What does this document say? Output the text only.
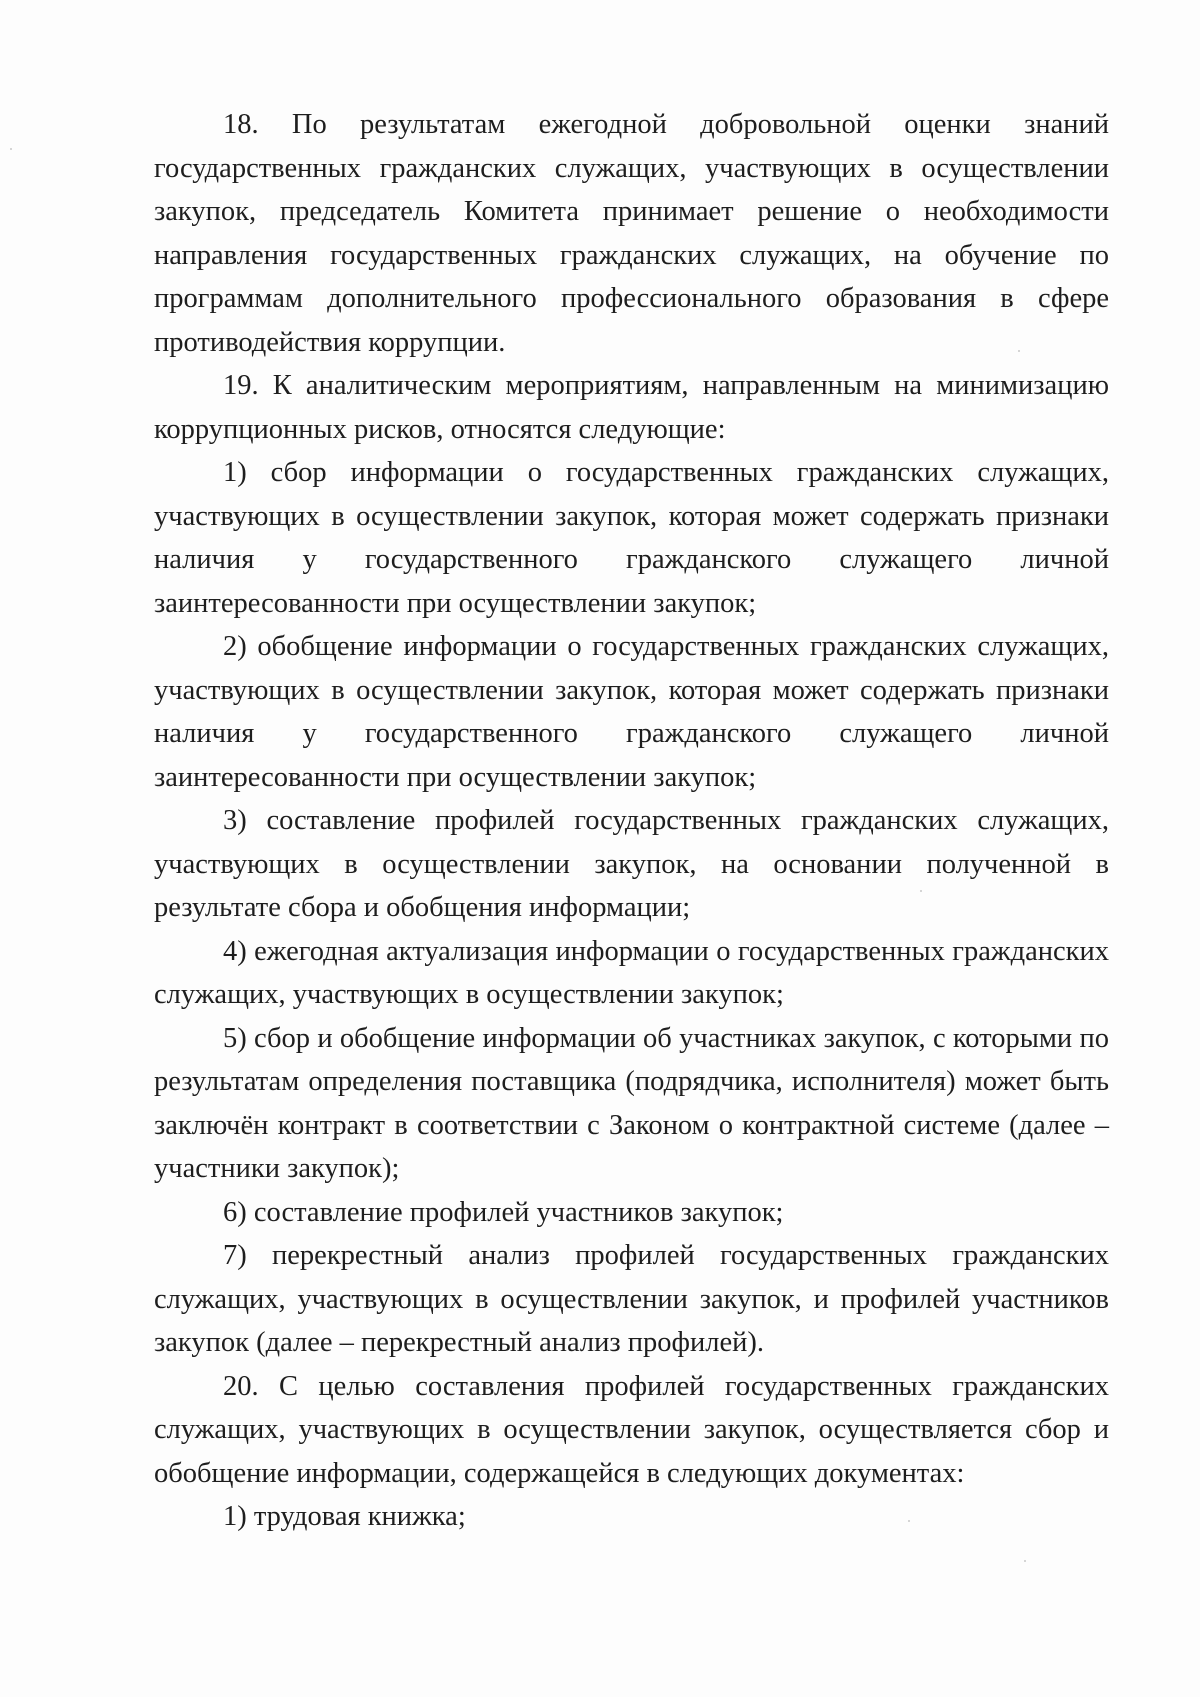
18. По результатам ежегодной добровольной оценки знаний государственных гражданских служащих, участвующих в осуществлении закупок, председатель Комитета принимает решение о необходимости направления государственных гражданских служащих, на обучение по программам дополнительного профессионального образования в сфере противодействия коррупции.

19. К аналитическим мероприятиям, направленным на минимизацию коррупционных рисков, относятся следующие:

1) сбор информации о государственных гражданских служащих, участвующих в осуществлении закупок, которая может содержать признаки наличия у государственного гражданского служащего личной заинтересованности при осуществлении закупок;

2) обобщение информации о государственных гражданских служащих, участвующих в осуществлении закупок, которая может содержать признаки наличия у государственного гражданского служащего личной заинтересованности при осуществлении закупок;

3) составление профилей государственных гражданских служащих, участвующих в осуществлении закупок, на основании полученной в результате сбора и обобщения информации;

4) ежегодная актуализация информации о государственных гражданских служащих, участвующих в осуществлении закупок;

5) сбор и обобщение информации об участниках закупок, с которыми по результатам определения поставщика (подрядчика, исполнителя) может быть заключён контракт в соответствии с Законом о контрактной системе (далее – участники закупок);

6) составление профилей участников закупок;

7) перекрестный анализ профилей государственных гражданских служащих, участвующих в осуществлении закупок, и профилей участников закупок (далее – перекрестный анализ профилей).

20. С целью составления профилей государственных гражданских служащих, участвующих в осуществлении закупок, осуществляется сбор и обобщение информации, содержащейся в следующих документах:

1) трудовая книжка;
